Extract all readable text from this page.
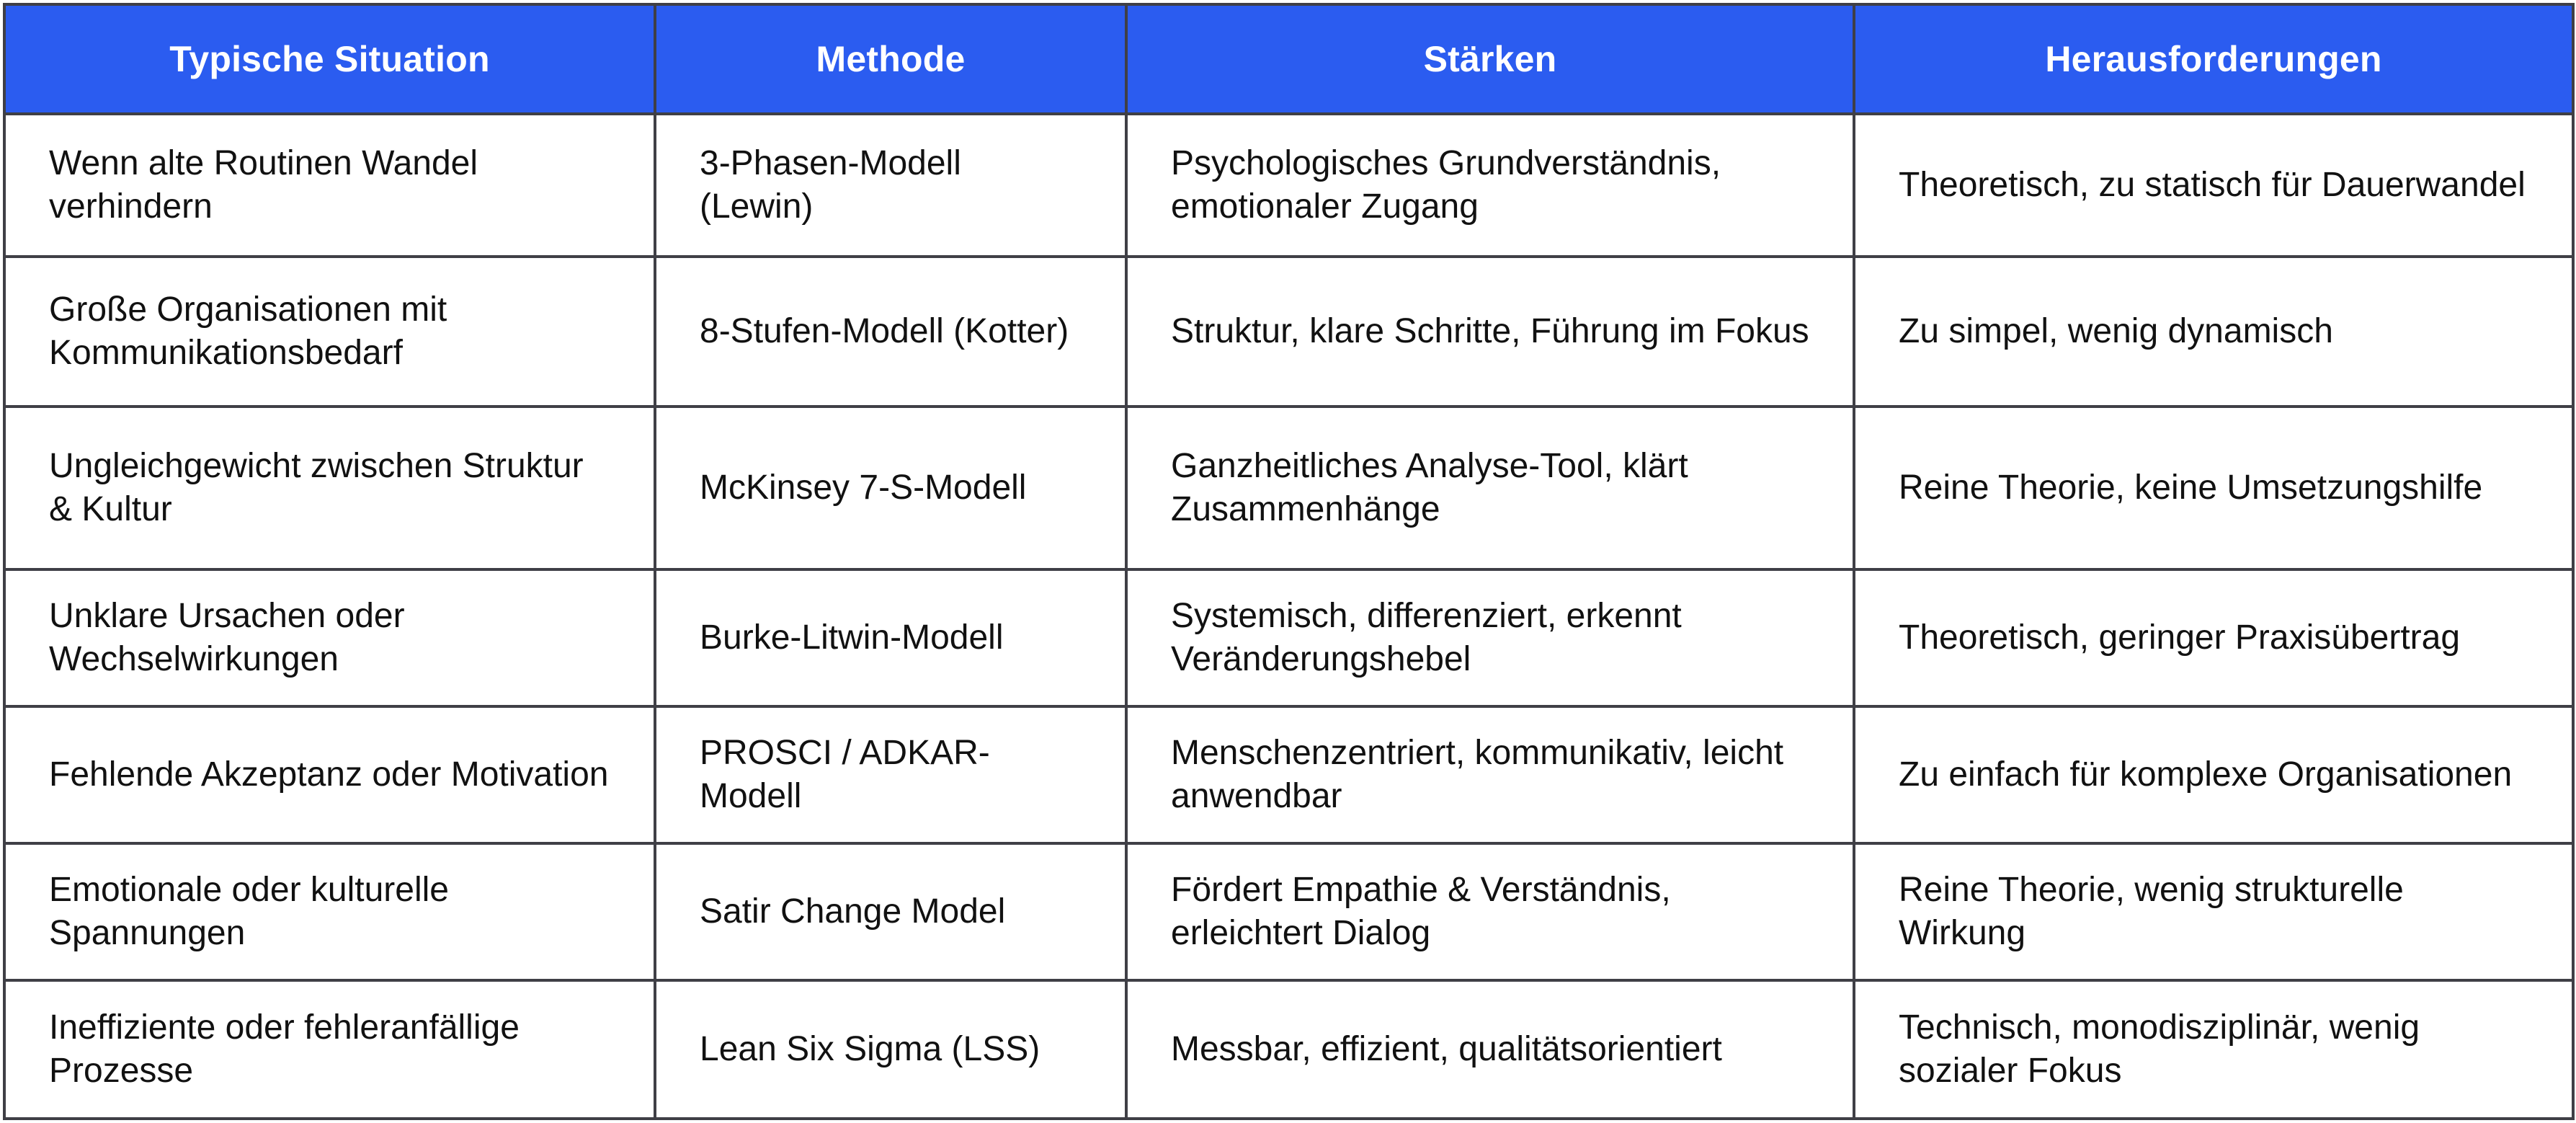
Typische Situation	Methode	Stärken	Herausforderungen
Wenn alte Routinen Wandel verhindern	3-Phasen-Modell (Lewin)	Psychologisches Grundverständnis, emotionaler Zugang	Theoretisch, zu statisch für Dauerwandel
Große Organisationen mit Kommunikationsbedarf	8-Stufen-Modell (Kotter)	Struktur, klare Schritte, Führung im Fokus	Zu simpel, wenig dynamisch
Ungleichgewicht zwischen Struktur & Kultur	McKinsey 7-S-Modell	Ganzheitliches Analyse-Tool, klärt Zusammenhänge	Reine Theorie, keine Umsetzungshilfe
Unklare Ursachen oder Wechselwirkungen	Burke-Litwin-Modell	Systemisch, differenziert, erkennt Veränderungshebel	Theoretisch, geringer Praxisübertrag
Fehlende Akzeptanz oder Motivation	PROSCI / ADKAR-Modell	Menschenzentriert, kommunikativ, leicht anwendbar	Zu einfach für komplexe Organisationen
Emotionale oder kulturelle Spannungen	Satir Change Model	Fördert Empathie & Verständnis, erleichtert Dialog	Reine Theorie, wenig strukturelle Wirkung
Ineffiziente oder fehleranfällige Prozesse	Lean Six Sigma (LSS)	Messbar, effizient, qualitätsorientiert	Technisch, monodisziplinär, wenig sozialer Fokus
